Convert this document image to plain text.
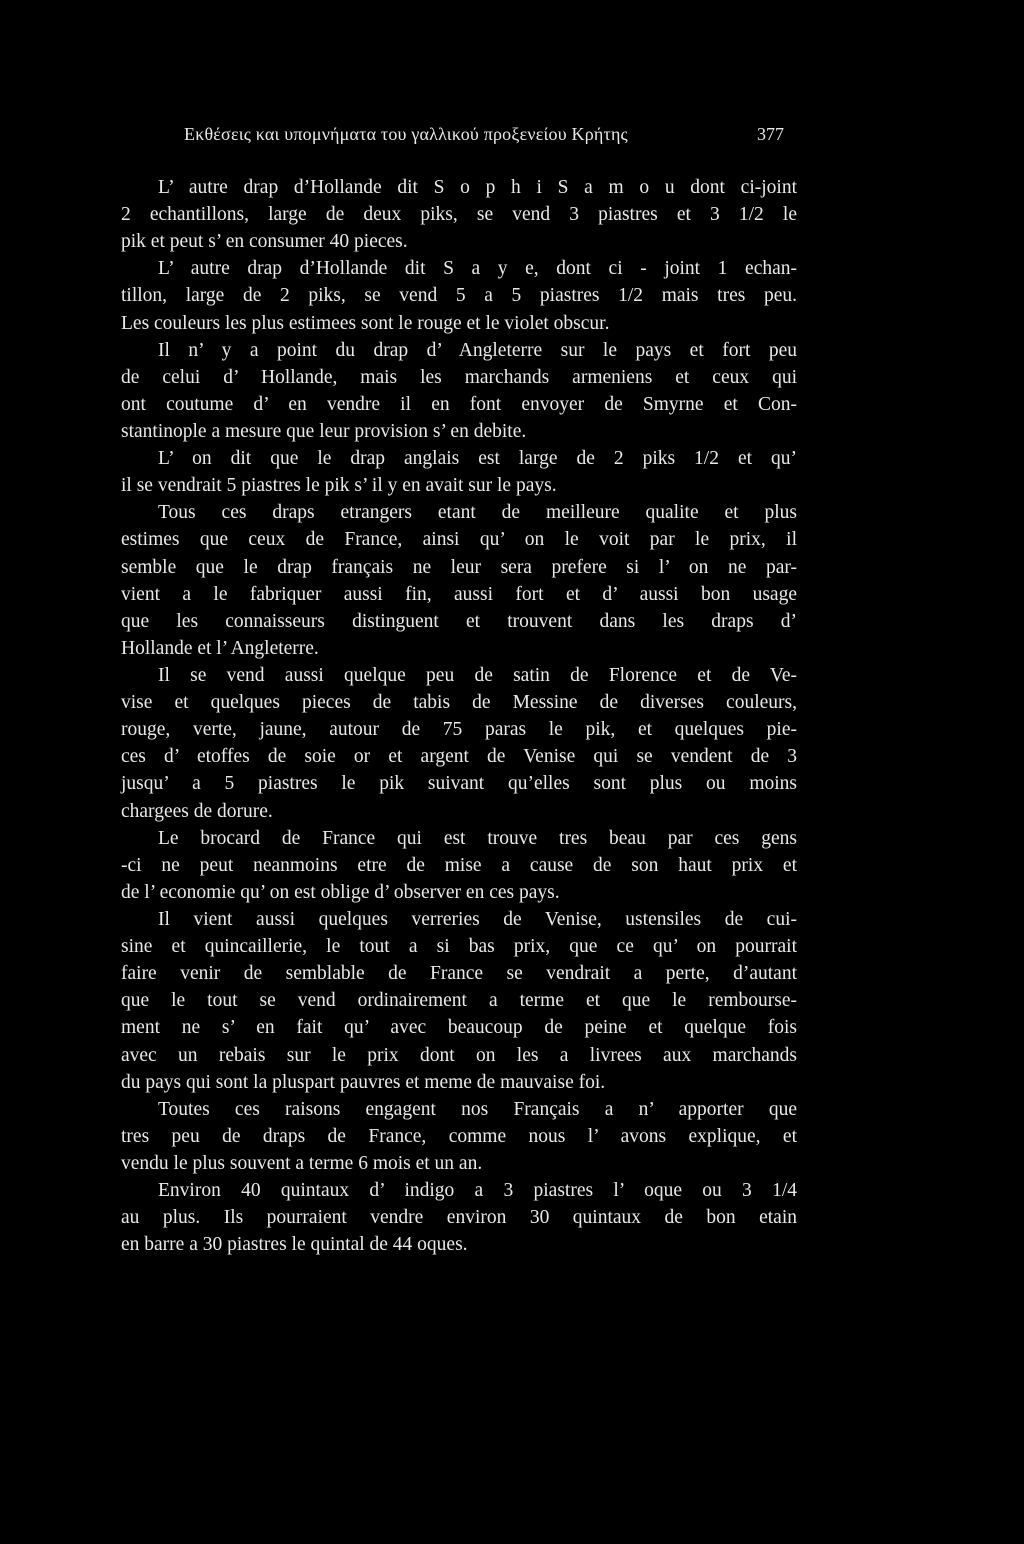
Εκθέσεις και υπομνήματα του γαλλικού προξενείου Κρήτης	377
L’ autre drap d’Hollande dit S o p h i S a m o u dont ci-joint
2 echantillons, large de deux piks, se vend 3 piastres et 3 1/2 le
pik et peut s’ en consumer 40 pieces.
L’ autre drap d’Hollande dit S a y e, dont ci - joint 1 echan-
tillon, large de 2 piks, se vend 5 a 5 piastres 1/2 mais tres peu.
Les couleurs les plus estimees sont le rouge et le violet obscur.
Il n’ y a point du drap d’ Angleterre sur le pays et fort peu
de celui d’ Hollande, mais les marchands armeniens et ceux qui
ont coutume d’ en vendre il en font envoyer de Smyrne et Con-
stantinople a mesure que leur provision s’ en debite.
L’ on dit que le drap anglais est large de 2 piks 1/2 et qu’
il se vendrait 5 piastres le pik s’ il y en avait sur le pays.
Tous ces draps etrangers etant de meilleure qualite et plus
estimes que ceux de France, ainsi qu’ on le voit par le prix, il
semble que le drap français ne leur sera prefere si l’ on ne par-
vient a le fabriquer aussi fin, aussi fort et d’ aussi bon usage
que les connaisseurs distinguent et trouvent dans les draps d’
Hollande et l’ Angleterre.
Il se vend aussi quelque peu de satin de Florence et de Ve-
vise et quelques pieces de tabis de Messine de diverses couleurs,
rouge, verte, jaune, autour de 75 paras le pik, et quelques pie-
ces d’ etoffes de soie or et argent de Venise qui se vendent de 3
jusqu’ a 5 piastres le pik suivant qu’elles sont plus ou moins
chargees de dorure.
Le brocard de France qui est trouve tres beau par ces gens
-ci ne peut neanmoins etre de mise a cause de son haut prix et
de l’ economie qu’ on est oblige d’ observer en ces pays.
Il vient aussi quelques verreries de Venise, ustensiles de cui-
sine et quincaillerie, le tout a si bas prix, que ce qu’ on pourrait
faire venir de semblable de France se vendrait a perte, d’autant
que le tout se vend ordinairement a terme et que le rembourse-
ment ne s’ en fait qu’ avec beaucoup de peine et quelque fois
avec un rebais sur le prix dont on les a livrees aux marchands
du pays qui sont la pluspart pauvres et meme de mauvaise foi.
Toutes ces raisons engagent nos Français a n’ apporter que
tres peu de draps de France, comme nous l’ avons explique, et
vendu le plus souvent a terme 6 mois et un an.
Environ 40 quintaux d’ indigo a 3 piastres l’ oque ou 3 1/4
au plus. Ils pourraient vendre environ 30 quintaux de bon etain
en barre a 30 piastres le quintal de 44 oques.
